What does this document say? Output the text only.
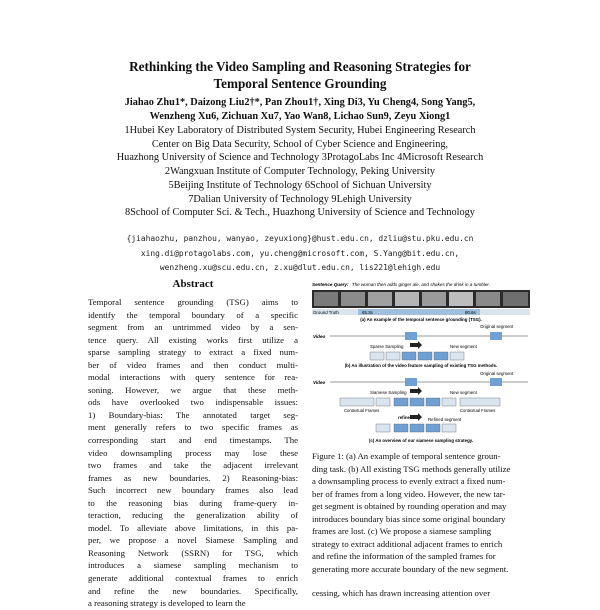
Rethinking the Video Sampling and Reasoning Strategies for
Temporal Sentence Grounding
Jiahao Zhu1*, Daizong Liu2†*, Pan Zhou1†, Xing Di3, Yu Cheng4, Song Yang5,
Wenzheng Xu6, Zichuan Xu7, Yao Wan8, Lichao Sun9, Zeyu Xiong1
1Hubei Key Laboratory of Distributed System Security, Hubei Engineering Research
Center on Big Data Security, School of Cyber Science and Engineering,
Huazhong University of Science and Technology 3ProtagoLabs Inc 4Microsoft Research
2Wangxuan Institute of Computer Technology, Peking University
5Beijing Institute of Technology 6School of Sichuan University
7Dalian University of Technology 9Lehigh University
8School of Computer Sci. & Tech., Huazhong University of Science and Technology
{jiahaozhu, panzhou, wanyao, zeyuxiong}@hust.edu.cn, dzliu@stu.pku.edu.cn
xing.di@protagolabs.com, yu.cheng@microsoft.com, S.Yang@bit.edu.cn,
wenzheng.xu@scu.edu.cn, z.xu@dlut.edu.cn, lis221@lehigh.edu
Abstract
Temporal sentence grounding (TSG) aims to
identify the temporal boundary of a specific
segment from an untrimmed video by a sen-
tence query. All existing works first utilize a
sparse sampling strategy to extract a fixed num-
ber of video frames and then conduct multi-
modal interactions with query sentence for rea-
soning. However, we argue that these meth-
ods have overlooked two indispensable issues:
1) Boundary-bias: The annotated target seg-
ment generally refers to two specific frames as
corresponding start and end timestamps. The
video downsampling process may lose these
two frames and take the adjacent irrelevant
frames as new boundaries. 2) Reasoning-bias:
Such incorrect new boundary frames also lead
to the reasoning bias during frame-query in-
teraction, reducing the generalization ability of
model. To alleviate above limitations, in this pa-
per, we propose a novel Siamese Sampling and
Reasoning Network (SSRN) for TSG, which
introduces a siamese sampling mechanism to
generate additional contextual frames to enrich
and refine the new boundaries. Specifically,
a reasoning strategy is developed to learn the
Sentence Query: The woman then adds ginger ale, and shakes the drink in a tumbler.
Ground Truth	65.3s	80.6s
(a) An example of the temporal sentence grounding (TSG).
Original segment
Video
Sparse Sampling	New segment
(b) An illustration of the video feature sampling of existing TSG methods.
Original segment
Video
Siamese Sampling	New segment
Contextual Frames	Contextual Frames
refine	Refined segment
(c) An overview of our siamese sampling strategy.
Figure 1: (a) An example of temporal sentence groun-
ding task. (b) All existing TSG methods generally utilize
a downsampling process to evenly extract a fixed num-
ber of frames from a long video. However, the new tar-
get segment is obtained by rounding operation and may
introduces boundary bias since some original boundary
frames are lost. (c) We propose a siamese sampling
strategy to extract additional adjacent frames to enrich
and refine the information of the sampled frames for
generating more accurate boundary of the new segment.
cessing, which has drawn increasing attention over
